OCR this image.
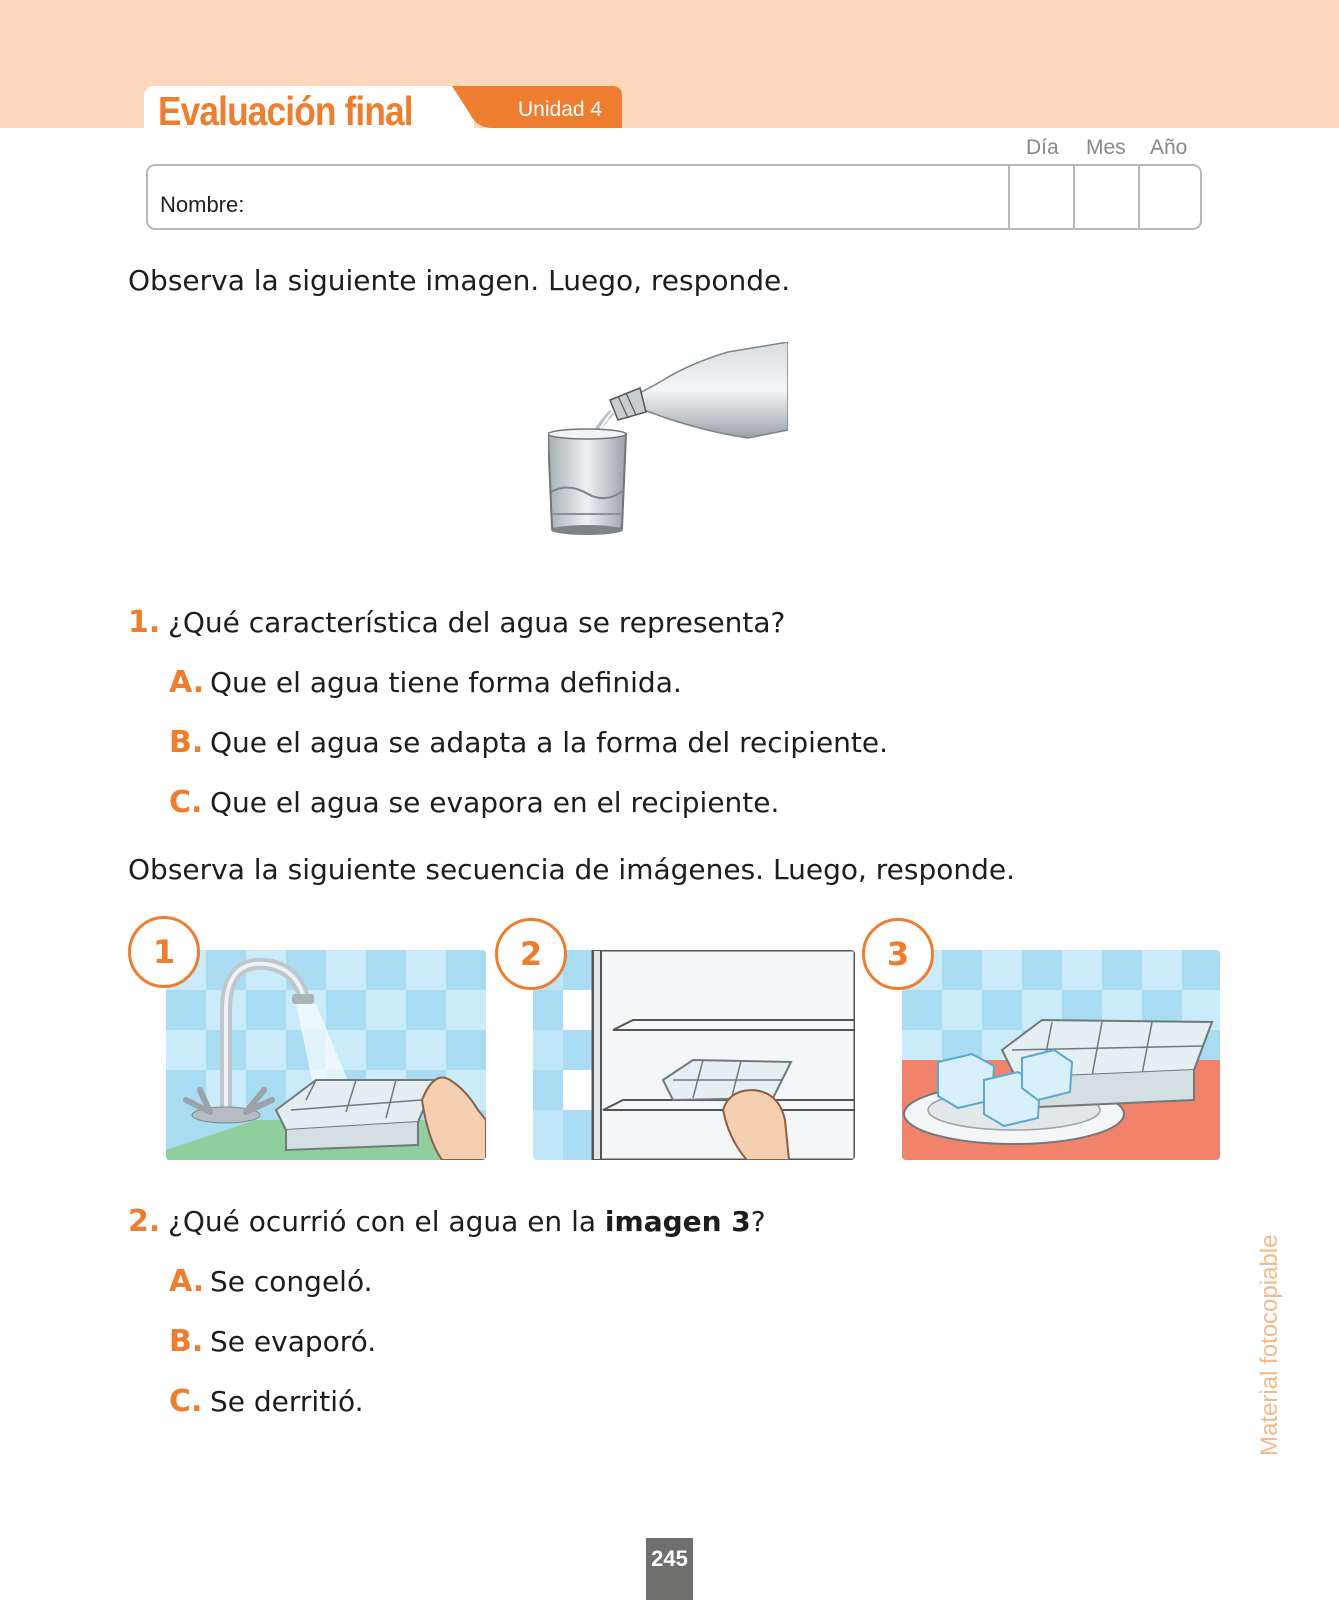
Evaluación final	Unidad 4
Día Mes Año
Nombre:
Observa la siguiente imagen. Luego, responde.
1. ¿Qué característica del agua se representa?
A. Que el agua tiene forma definida.
B. Que el agua se adapta a la forma del recipiente.
C. Que el agua se evapora en el recipiente.
Observa la siguiente secuencia de imágenes. Luego, responde.
1	2	3
2. ¿Qué ocurrió con el agua en la imagen 3?
A. Se congeló.
B. Se evaporó.
C. Se derritió.	Material fotocopiable
245
